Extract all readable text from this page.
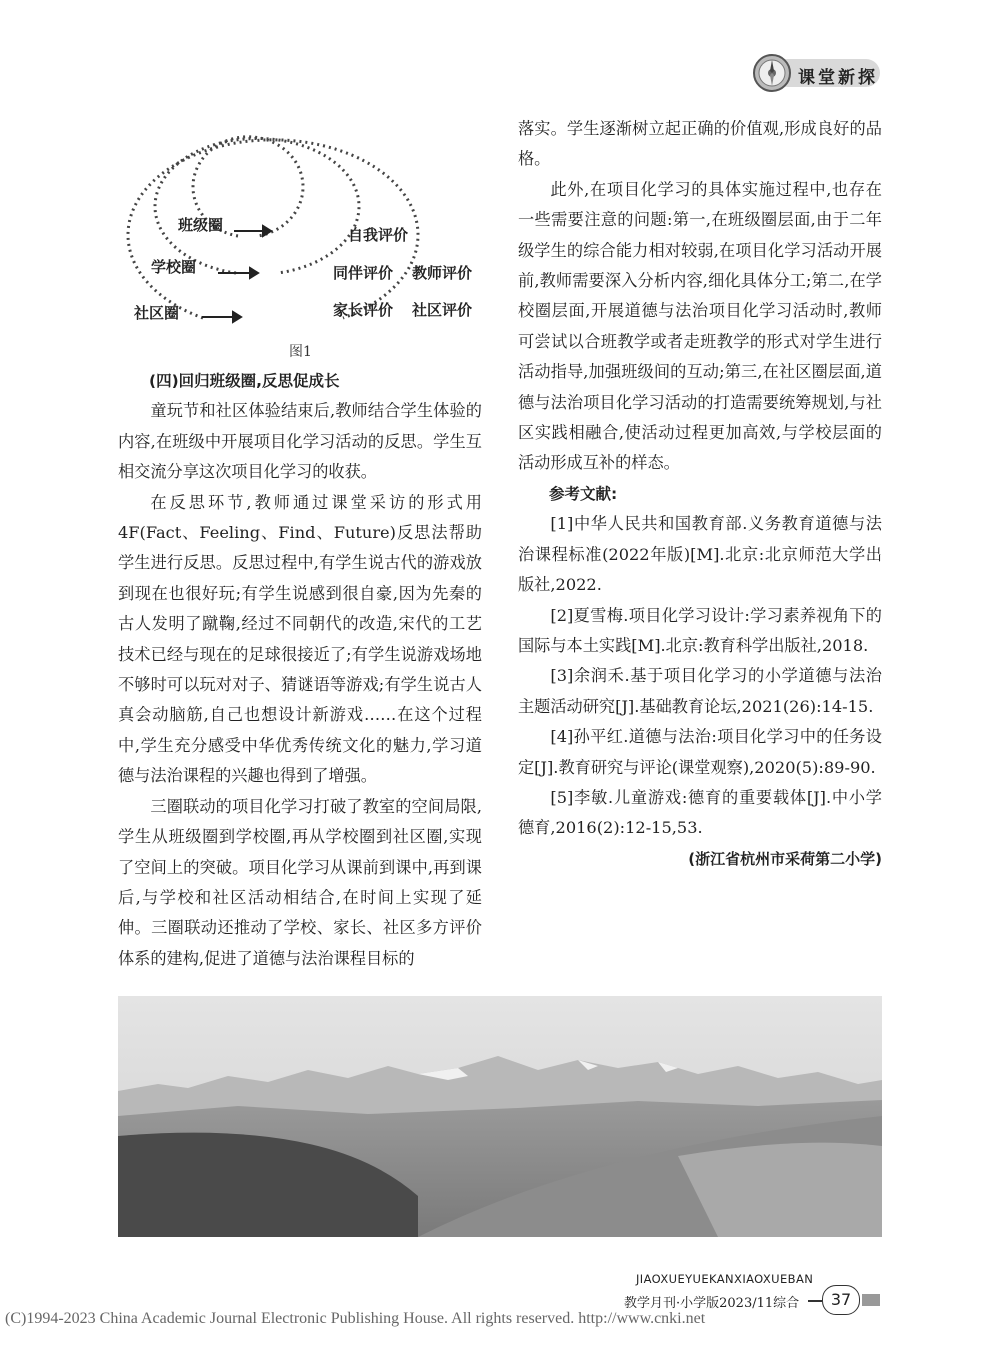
课堂新探
班级圈
学校圈
社区圈
自我评价
同伴评价 教师评价
家长评价 社区评价
图1

(四)回归班级圈,反思促成长

童玩节和社区体验结束后,教师结合学生体验的内容,在班级中开展项目化学习活动的反思。学生互相交流分享这次项目化学习的收获。

在反思环节,教师通过课堂采访的形式用4F(Fact、Feeling、Find、Future)反思法帮助学生进行反思。反思过程中,有学生说古代的游戏放到现在也很好玩;有学生说感到很自豪,因为先秦的古人发明了蹴鞠,经过不同朝代的改造,宋代的工艺技术已经与现在的足球很接近了;有学生说游戏场地不够时可以玩对对子、猜谜语等游戏;有学生说古人真会动脑筋,自己也想设计新游戏……在这个过程中,学生充分感受中华优秀传统文化的魅力,学习道德与法治课程的兴趣也得到了增强。

三圈联动的项目化学习打破了教室的空间局限,学生从班级圈到学校圈,再从学校圈到社区圈,实现了空间上的突破。项目化学习从课前到课中,再到课后,与学校和社区活动相结合,在时间上实现了延伸。三圈联动还推动了学校、家长、社区多方评价体系的建构,促进了道德与法治课程目标的

落实。学生逐渐树立起正确的价值观,形成良好的品格。

此外,在项目化学习的具体实施过程中,也存在一些需要注意的问题:第一,在班级圈层面,由于二年级学生的综合能力相对较弱,在项目化学习活动开展前,教师需要深入分析内容,细化具体分工;第二,在学校圈层面,开展道德与法治项目化学习活动时,教师可尝试以合班教学或者走班教学的形式对学生进行活动指导,加强班级间的互动;第三,在社区圈层面,道德与法治项目化学习活动的打造需要统筹规划,与社区实践相融合,使活动过程更加高效,与学校层面的活动形成互补的样态。

参考文献:

[1]中华人民共和国教育部.义务教育道德与法治课程标准(2022年版)[M].北京:北京师范大学出版社,2022.

[2]夏雪梅.项目化学习设计:学习素养视角下的国际与本土实践[M].北京:教育科学出版社,2018.

[3]余润禾.基于项目化学习的小学道德与法治主题活动研究[J].基础教育论坛,2021(26):14-15.

[4]孙平红.道德与法治:项目化学习中的任务设定[J].教育研究与评论(课堂观察),2020(5):89-90.

[5]李敏.儿童游戏:德育的重要载体[J].中小学德育,2016(2):12-15,53.

(浙江省杭州市采荷第二小学)

JIAOXUEYUEKANXIAOXUEBAN
教学月刊·小学版2023/11综合	37
(C)1994-2023 China Academic Journal Electronic Publishing House. All rights reserved. http://www.cnki.net
